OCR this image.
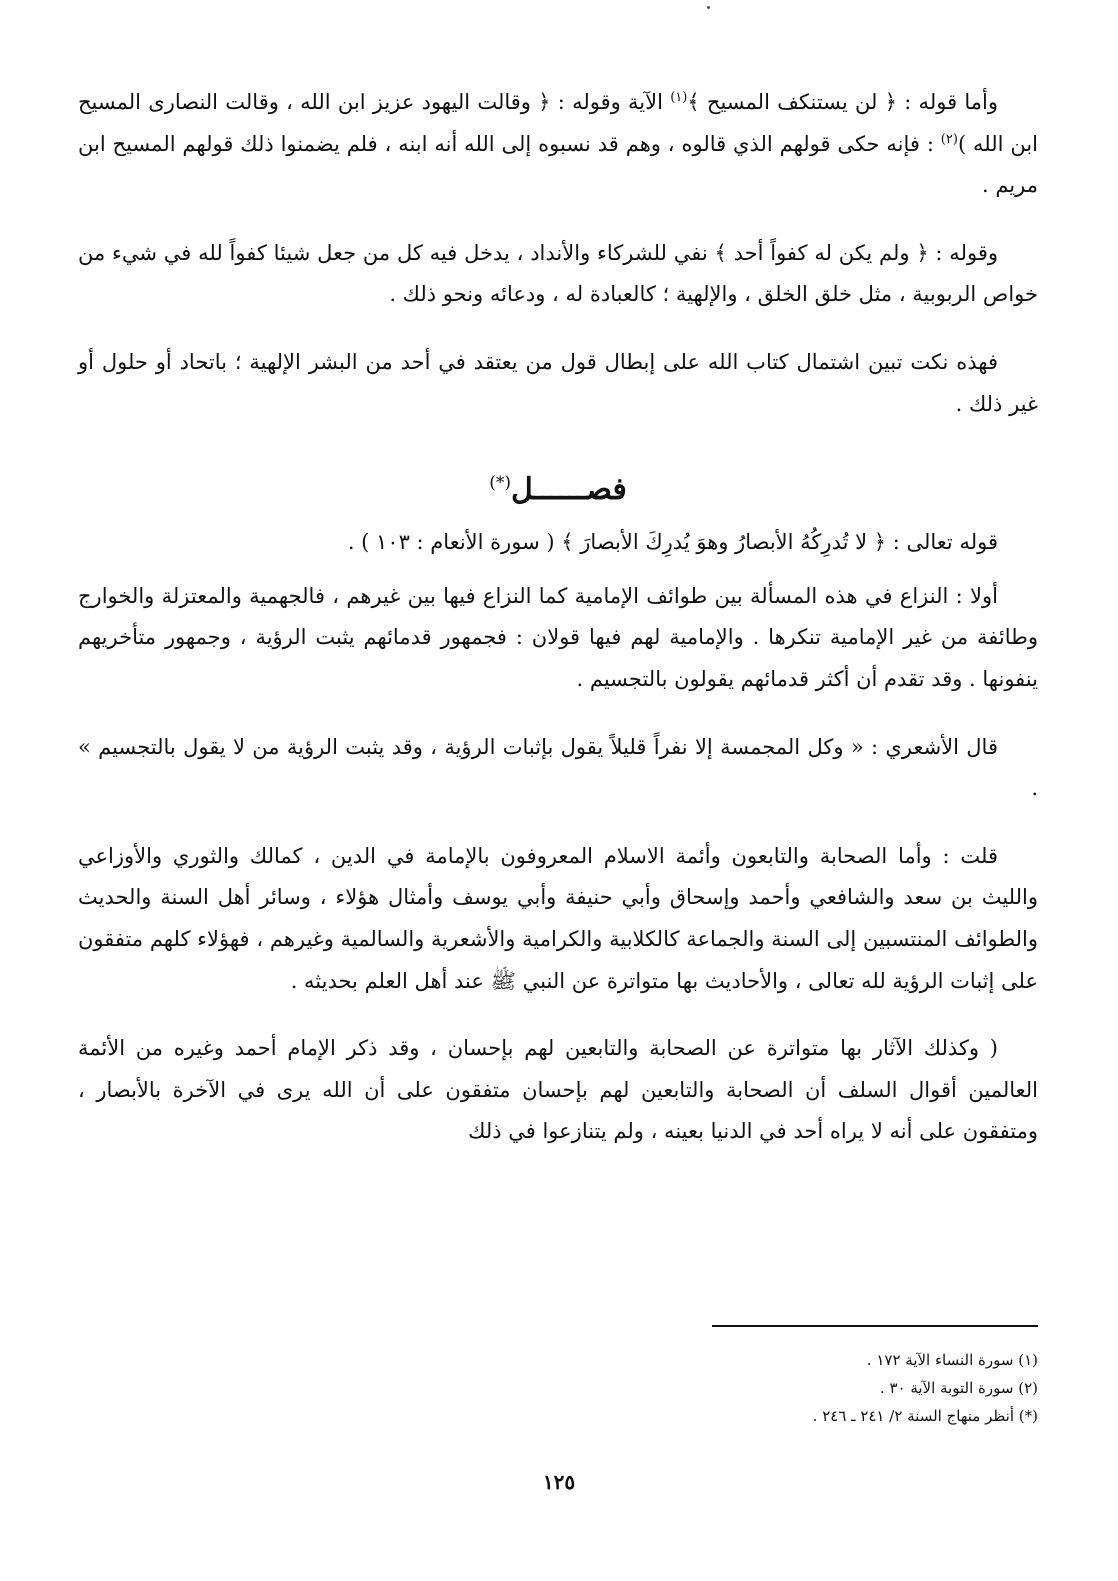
وأما قوله : ﴿ لن يستنكف المسيح ﴾$^{(١)}$ الآية وقوله : ﴿ وقالت اليهود عزيز ابن الله ، وقالت النصارى المسيح ابن الله )$^{(٢)}$ : فإنه حكى قولهم الذي قالوه ، وهم قد نسبوه إلى الله أنه ابنه ، فلم يضمنوا ذلك قولهم المسيح ابن مريم .

وقوله : ﴿ ولم يكن له كفواً أحد ﴾ نفي للشركاء والأنداد ، يدخل فيه كل من جعل شيئا كفواً لله في شيء من خواص الربوبية ، مثل خلق الخلق ، والإلهية ؛ كالعبادة له ، ودعائه ونحو ذلك .

فهذه نكت تبين اشتمال كتاب الله على إبطال قول من يعتقد في أحد من البشر الإلهية ؛ باتحاد أو حلول أو غير ذلك .

فصــــــل(*)

قوله تعالى : ﴿ لا تُدرِكُهُ الأبصارُ وهوَ يُدرِكَ الأبصارَ ﴾ ( سورة الأنعام : ١٠٣ ) .

أولا : النزاع في هذه المسألة بين طوائف الإمامية كما النزاع فيها بين غيرهم ، فالجهمية والمعتزلة والخوارج وطائفة من غير الإمامية تنكرها . والإمامية لهم فيها قولان : فجمهور قدمائهم يثبت الرؤية ، وجمهور متأخريهم ينفونها . وقد تقدم أن أكثر قدمائهم يقولون بالتجسيم .

قال الأشعري : « وكل المجمسة إلا نفراً قليلاً يقول بإثبات الرؤية ، وقد يثبت الرؤية من لا يقول بالتجسيم » .

قلت : وأما الصحابة والتابعون وأئمة الاسلام المعروفون بالإمامة في الدين ، كمالك والثوري والأوزاعي والليث بن سعد والشافعي وأحمد وإسحاق وأبي حنيفة وأبي يوسف وأمثال هؤلاء ، وسائر أهل السنة والحديث والطوائف المنتسبين إلى السنة والجماعة كالكلابية والكرامية والأشعرية والسالمية وغيرهم ، فهؤلاء كلهم متفقون على إثبات الرؤية لله تعالى ، والأحاديث بها متواترة عن النبي ﷺ عند أهل العلم بحديثه .

( وكذلك الآثار بها متواترة عن الصحابة والتابعين لهم بإحسان ، وقد ذكر الإمام أحمد وغيره من الأئمة العالمين أقوال السلف أن الصحابة والتابعين لهم بإحسان متفقون على أن الله يرى في الآخرة بالأبصار ، ومتفقون على أنه لا يراه أحد في الدنيا بعينه ، ولم يتنازعوا في ذلك

(١) سورة النساء الآية ١٧٢ .

(٢) سورة التوبة الآية ٣٠ .

(*) أنظر منهاج السنة ٢/ ٢٤١ ـ ٢٤٦ .

١٢٥
